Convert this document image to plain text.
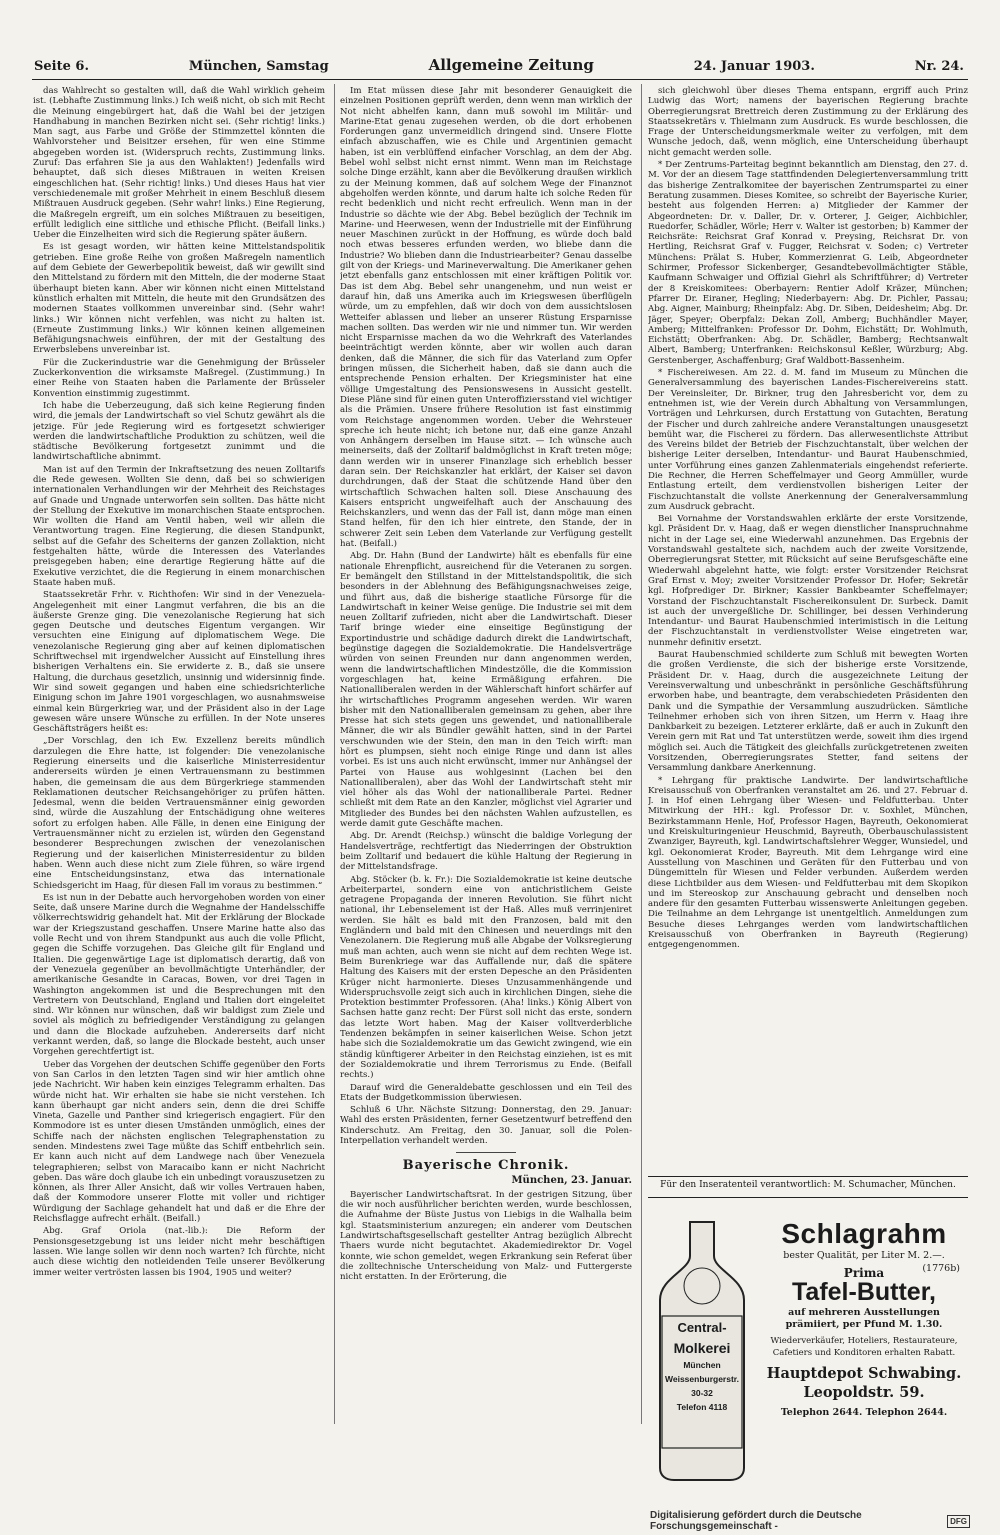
Seite 6.	München, Samstag	Allgemeine Zeitung	24. Januar 1903.	Nr. 24.

das Wahlrecht so gestalten will, daß die Wahl wirklich geheim ist. (Lebhafte Zustimmung links.) Ich weiß nicht, ob sich mit Recht die Meinung eingebürgert hat, daß die Wahl bei der jetzigen Handhabung in manchen Bezirken nicht sei. (Sehr richtig! links.) Man sagt, aus Farbe und Größe der Stimmzettel könnten die Wahlvorsteher und Beisitzer ersehen, für wen eine Stimme abgegeben worden ist. (Widerspruch rechts, Zustimmung links. Zuruf: Das erfahren Sie ja aus den Wahlakten!) Jedenfalls wird behauptet, daß sich dieses Mißtrauen in weiten Kreisen eingeschlichen hat. (Sehr richtig! links.) Und dieses Haus hat vier verschiedenemale mit großer Mehrheit in einem Beschluß diesem Mißtrauen Ausdruck gegeben. (Sehr wahr! links.) Eine Regierung, die Maßregeln ergreift, um ein solches Mißtrauen zu beseitigen, erfüllt lediglich eine sittliche und ethische Pflicht. (Beifall links.) Ueber die Einzelheiten wird sich die Regierung später äußern.

Es ist gesagt worden, wir hätten keine Mittelstandspolitik getrieben. Eine große Reihe von großen Maßregeln namentlich auf dem Gebiete der Gewerbepolitik beweist, daß wir gewillt sind den Mittelstand zu fördern mit den Mitteln, die der moderne Staat überhaupt bieten kann. Aber wir können nicht einen Mittelstand künstlich erhalten mit Mitteln, die heute mit den Grundsätzen des modernen Staates vollkommen unvereinbar sind. (Sehr wahr! links.) Wir können nicht verfehlen, was nicht zu halten ist. (Erneute Zustimmung links.) Wir können keinen allgemeinen Befähigungsnachweis einführen, der mit der Gestaltung des Erwerbslebens unvereinbar ist.

Für die Zuckerindustrie war die Genehmigung der Brüsseler Zuckerkonvention die wirksamste Maßregel. (Zustimmung.) In einer Reihe von Staaten haben die Parlamente der Brüsseler Konvention einstimmig zugestimmt.

Ich habe die Ueberzeugung, daß sich keine Regierung finden wird, die jemals der Landwirtschaft so viel Schutz gewährt als die jetzige. Für jede Regierung wird es fortgesetzt schwieriger werden die landwirtschaftliche Produktion zu schützen, weil die städtische Bevölkerung fortgesetzt zunimmt und die landwirtschaftliche abnimmt.

Man ist auf den Termin der Inkraftsetzung des neuen Zolltarifs die Rede gewesen. Wollten Sie denn, daß bei so schwierigen internationalen Verhandlungen wir der Mehrheit des Reichstages auf Gnade und Ungnade unterworfen sein sollten. Das hätte nicht der Stellung der Exekutive im monarchischen Staate entsprochen. Wir wollten die Hand am Ventil haben, weil wir allein die Verantwortung tragen. Eine Regierung, die diesen Standpunkt, selbst auf die Gefahr des Scheiterns der ganzen Zollaktion, nicht festgehalten hätte, würde die Interessen des Vaterlandes preisgegeben haben; eine derartige Regierung hätte auf die Exekutive verzichtet, die die Regierung in einem monarchischen Staate haben muß.

Staatssekretär Frhr. v. Richthofen: Wir sind in der Venezuela-Angelegenheit mit einer Langmut verfahren, die bis an die äußerste Grenze ging. Die venezolanische Regierung hat sich gegen Deutsche und deutsches Eigentum vergangen. Wir versuchten eine Einigung auf diplomatischem Wege. Die venezolanische Regierung ging aber auf keinen diplomatischen Schriftwechsel mit irgendwelcher Aussicht auf Einstellung ihres bisherigen Verhaltens ein. Sie erwiderte z. B., daß sie unsere Haltung, die durchaus gesetzlich, unsinnig und widersinnig finde. Wir sind soweit gegangen und haben eine schiedsrichterliche Einigung schon im Jahre 1901 vorgeschlagen, wo ausnahmsweise einmal kein Bürgerkrieg war, und der Präsident also in der Lage gewesen wäre unsere Wünsche zu erfüllen. In der Note unseres Geschäftsträgers heißt es:

„Der Vorschlag, den ich Ew. Exzellenz bereits mündlich darzulegen die Ehre hatte, ist folgender: Die venezolanische Regierung einerseits und die kaiserliche Ministerresidentur andererseits würden je einen Vertrauensmann zu bestimmen haben, die gemeinsam die aus dem Bürgerkriege stammenden Reklamationen deutscher Reichsangehöriger zu prüfen hätten. Jedesmal, wenn die beiden Vertrauensmänner einig geworden sind, würde die Auszahlung der Entschädigung ohne weiteres sofort zu erfolgen haben. Alle Fälle, in denen eine Einigung der Vertrauensmänner nicht zu erzielen ist, würden den Gegenstand besonderer Besprechungen zwischen der venezolanischen Regierung und der kaiserlichen Ministerresidentur zu bilden haben. Wenn auch diese nicht zum Ziele führen, so wäre irgend eine Entscheidungsinstanz, etwa das internationale Schiedsgericht im Haag, für diesen Fall im voraus zu bestimmen.“

Es ist nun in der Debatte auch hervorgehoben worden von einer Seite, daß unsere Marine durch die Wegnahme der Handelsschiffe völkerrechtswidrig gehandelt hat. Mit der Erklärung der Blockade war der Kriegszustand geschaffen. Unsere Marine hatte also das volle Recht und von ihrem Standpunkt aus auch die volle Pflicht, gegen die Schiffe vorzugehen. Das Gleiche gilt für England und Italien. Die gegenwärtige Lage ist diplomatisch derartig, daß von der Venezuela gegenüber an bevollmächtigte Unterhändler, der amerikanische Gesandte in Caracas, Bowen, vor drei Tagen in Washington angekommen ist und die Besprechungen mit den Vertretern von Deutschland, England und Italien dort eingeleitet sind. Wir können nur wünschen, daß wir baldigst zum Ziele und soviel als möglich zu befriedigender Verständigung zu gelangen und dann die Blockade aufzuheben. Andererseits darf nicht verkannt werden, daß, so lange die Blockade besteht, auch unser Vorgehen gerechtfertigt ist.

Ueber das Vorgehen der deutschen Schiffe gegenüber den Forts von San Carlos in den letzten Tagen sind wir hier amtlich ohne jede Nachricht. Wir haben kein einziges Telegramm erhalten. Das würde nicht hat. Wir erhalten sie habe sie nicht verstehen. Ich kann überhaupt gar nicht anders sein, denn die drei Schiffe Vineta, Gazelle und Panther sind kriegerisch engagiert. Für den Kommodore ist es unter diesen Umständen unmöglich, eines der Schiffe nach der nächsten englischen Telegraphenstation zu senden. Mindestens zwei Tage müßte das Schiff entbehrlich sein. Er kann auch nicht auf dem Landwege nach über Venezuela telegraphieren; selbst von Maracaibo kann er nicht Nachricht geben. Das wäre doch glaube ich ein unbedingt vorauszusetzen zu können, als Ihrer Aller Ansicht, daß wir volles Vertrauen haben, daß der Kommodore unserer Flotte mit voller und richtiger Würdigung der Sachlage gehandelt hat und daß er die Ehre der Reichsflagge aufrecht erhält. (Beifall.)

Abg. Graf Oriola (nat.-lib.): Die Reform der Pensionsgesetzgebung ist uns leider nicht mehr beschäftigen lassen. Wie lange sollen wir denn noch warten? Ich fürchte, nicht auch diese wichtig den notleidenden Teile unserer Bevölkerung immer weiter vertrösten lassen bis 1904, 1905 und weiter?

Im Etat müssen diese Jahr mit besonderer Genauigkeit die einzelnen Positionen geprüft werden, denn wenn man wirklich der Not nicht abhelfen kann, dann muß sowohl im Militär- und Marine-Etat genau zugesehen werden, ob die dort erhobenen Forderungen ganz unvermeidlich dringend sind. Unsere Flotte einfach abzuschaffen, wie es Chile und Argentinien gemacht haben, ist ein verblüffend einfacher Vorschlag, an dem der Abg. Bebel wohl selbst nicht ernst nimmt. Wenn man im Reichstage solche Dinge erzählt, kann aber die Bevölkerung draußen wirklich zu der Meinung kommen, daß auf solchem Wege der Finanznot abgeholfen werden könnte, und darum halte ich solche Reden für recht bedenklich und nicht recht erfreulich. Wenn man in der Industrie so dächte wie der Abg. Bebel bezüglich der Technik im Marine- und Heerwesen, wenn der Industrielle mit der Einführung neuer Maschinen zurückt in der Hoffnung, es würde doch bald noch etwas besseres erfunden werden, wo bliebe dann die Industrie? Wo blieben dann die Industriearbeiter? Genau dasselbe gilt von der Kriegs- und Marineverwaltung. Die Amerikaner gehen jetzt ebenfalls ganz entschlossen mit einer kräftigen Politik vor. Das ist dem Abg. Bebel sehr unangenehm, und nun weist er darauf hin, daß uns Amerika auch im Kriegswesen überflügeln würde, um zu empfehlen, daß wir doch von dem aussichtslosen Wetteifer ablassen und lieber an unserer Rüstung Ersparnisse machen sollten. Das werden wir nie und nimmer tun. Wir werden nicht Ersparnisse machen da wo die Wehrkraft des Vaterlandes beeinträchtigt werden könnte, aber wir wollen auch daran denken, daß die Männer, die sich für das Vaterland zum Opfer bringen müssen, die Sicherheit haben, daß sie dann auch die entsprechende Pension erhalten. Der Kriegsminister hat eine völlige Umgestaltung des Pensionswesens in Aussicht gestellt. Diese Pläne sind für einen guten Unteroffiziersstand viel wichtiger als die Prämien. Unsere frühere Resolution ist fast einstimmig vom Reichstage angenommen worden. Ueber die Wehrsteuer spreche ich heute nicht; ich betone nur, daß eine ganze Anzahl von Anhängern derselben im Hause sitzt. — Ich wünsche auch meinerseits, daß der Zolltarif baldmöglichst in Kraft treten möge; dann werden wir in unserer Finanzlage sich erheblich besser daran sein. Der Reichskanzler hat erklärt, der Kaiser sei davon durchdrungen, daß der Staat die schützende Hand über den wirtschaftlich Schwachen halten soll. Diese Anschauung des Kaisers entspricht ungweifelhaft auch der Anschauung des Reichskanzlers, und wenn das der Fall ist, dann möge man einen Stand helfen, für den ich hier eintrete, den Stande, der in schwerer Zeit sein Leben dem Vaterlande zur Verfügung gestellt hat. (Beifall.)

Abg. Dr. Hahn (Bund der Landwirte) hält es ebenfalls für eine nationale Ehrenpflicht, ausreichend für die Veteranen zu sorgen. Er bemängelt den Stillstand in der Mittelstandspolitik, die sich besonders in der Ablehnung des Befähigungsnachweises zeige, und führt aus, daß die bisherige staatliche Fürsorge für die Landwirtschaft in keiner Weise genüge. Die Industrie sei mit dem neuen Zolltarif zufrieden, nicht aber die Landwirtschaft. Dieser Tarif bringe wieder eine einseitige Begünstigung der Exportindustrie und schädige dadurch direkt die Landwirtschaft, begünstige dagegen die Sozialdemokratie. Die Handelsverträge würden von seinen Freunden nur dann angenommen werden, wenn die landwirtschaftlichen Mindestzölle, die die Kommission vorgeschlagen hat, keine Ermäßigung erfahren. Die Nationalliberalen werden in der Wählerschaft hinfort schärfer auf ihr wirtschaftliches Programm angesehen werden. Wir waren bisher mit den Nationalliberalen gemeinsam zu gehen, aber ihre Presse hat sich stets gegen uns gewendet, und nationalliberale Männer, die wir als Bündler gewählt hatten, sind in der Partei verschwunden wie der Stein, den man in den Teich wirft: man hört es plumpsen, sieht noch einige Ringe und dann ist alles vorbei. Es ist uns auch nicht erwünscht, immer nur Anhängsel der Partei von Hause aus wohlgesinnt (Lachen bei den Nationalliberalen), aber das Wohl der Landwirtschaft steht mir viel höher als das Wohl der nationalliberale Partei. Redner schließt mit dem Rate an den Kanzler, möglichst viel Agrarier und Mitglieder des Bundes bei den nächsten Wahlen aufzustellen, es werde damit gute Geschäfte machen.

Abg. Dr. Arendt (Reichsp.) wünscht die baldige Vorlegung der Handelsverträge, rechtfertigt das Niederringen der Obstruktion beim Zolltarif und bedauert die kühle Haltung der Regierung in der Mittelstandsfrage.

Abg. Stöcker (b. k. Fr.): Die Sozialdemokratie ist keine deutsche Arbeiterpartei, sondern eine von antichristlichem Geiste getragene Propaganda der inneren Revolution. Sie führt nicht national, ihr Lebenselement ist der Haß. Alles muß verrinjeniret werden. Sie hält es bald mit den Franzosen, bald mit den Engländern und bald mit den Chinesen und neuerdings mit den Venezolanern. Die Regierung muß alle Abgabe der Volksregierung muß man achten, auch wenn sie nicht auf dem rechten Wege ist. Beim Burenkriege war das Auffallende nur, daß die spätere Haltung des Kaisers mit der ersten Depesche an den Präsidenten Krüger nicht harmonierte. Dieses Unzusammenhängende und Widerspruchsvolle zeigt sich auch in kirchlichen Dingen, siehe die Protektion bestimmter Professoren. (Aha! links.) König Albert von Sachsen hatte ganz recht: Der Fürst soll nicht das erste, sondern das letzte Wort haben. Mag der Kaiser volltverderbliche Tendenzen bekämpfen in seiner kaiserlichen Weise. Schon jetzt habe sich die Sozialdemokratie um das Gewicht zwingend, wie ein ständig künftigerer Arbeiter in den Reichstag einziehen, ist es mit der Sozialdemokratie und ihrem Terrorismus zu Ende. (Beifall rechts.)

Darauf wird die Generaldebatte geschlossen und ein Teil des Etats der Budgetkommission überwiesen.

Schluß 6 Uhr. Nächste Sitzung: Donnerstag, den 29. Januar: Wahl des ersten Präsidenten, ferner Gesetzentwurf betreffend den Kinderschutz. Am Freitag, den 30. Januar, soll die Polen-Interpellation verhandelt werden.

Bayerische Chronik.

München, 23. Januar.

Bayerischer Landwirtschaftsrat. In der gestrigen Sitzung, über die wir noch ausführlicher berichten werden, wurde beschlossen, die Aufnahme der Büste Justus von Liebigs in die Walhalla beim kgl. Staatsministerium anzuregen; ein anderer vom Deutschen Landwirtschaftsgesellschaft gestellter Antrag bezüglich Albrecht Thaers wurde nicht begutachtet. Akademiedirektor Dr. Vogel konnte, wie schon gemeldet, wegen Erkrankung sein Referat über die zolltechnische Unterscheidung von Malz- und Futtergerste nicht erstatten. In der Erörterung, die

sich gleichwohl über dieses Thema entspann, ergriff auch Prinz Ludwig das Wort; namens der bayerischen Regierung brachte Oberregierungsrat Brettreich deren Zustimmung zu der Erklärung des Staatssekretärs v. Thielmann zum Ausdruck. Es wurde beschlossen, die Frage der Unterscheidungsmerkmale weiter zu verfolgen, mit dem Wunsche jedoch, daß, wenn möglich, eine Unterscheidung überhaupt nicht gemacht werden solle.

* Der Zentrums-Parteitag beginnt bekanntlich am Dienstag, den 27. d. M. Vor der an diesem Tage stattfindenden Delegiertenversammlung tritt das bisherige Zentralkomitee der bayerischen Zentrumspartei zu einer Beratung zusammen. Dieses Komitee, so schreibt der Bayerische Kurier, besteht aus folgenden Herren: a) Mitglieder der Kammer der Abgeordneten: Dr. v. Daller, Dr. v. Orterer, J. Geiger, Aichbichler, Ruedorfer, Schädler, Wörle; Herr v. Walter ist gestorben; b) Kammer der Reichsräte: Reichsrat Graf Konrad v. Preysing, Reichsrat Dr. von Hertling, Reichsrat Graf v. Fugger, Reichsrat v. Soden; c) Vertreter Münchens: Prälat S. Huber, Kommerzienrat G. Leib, Abgeordneter Schirmer, Professor Sickenberger, Gesandtebevollmächtigter Stäble, Kaufmann Schwaiger und Offizial Giehrl als Schriftführer; d) Vertreter der 8 Kreiskomitees: Oberbayern: Rentier Adolf Kräzer, München; Pfarrer Dr. Eiraner, Hegling; Niederbayern: Abg. Dr. Pichler, Passau; Abg. Aigner, Mainburg; Rheinpfalz: Abg. Dr. Siben, Deidesheim; Abg. Dr. Jäger, Speyer; Oberpfalz: Dekan Zoll, Amberg; Buchhändler Mayer, Amberg; Mittelfranken: Professor Dr. Dohm, Eichstätt; Dr. Wohlmuth, Eichstätt; Oberfranken: Abg. Dr. Schädler, Bamberg; Rechtsanwalt Albert, Bamberg; Unterfranken: Reichskonsul Keßler, Würzburg; Abg. Gerstenberger, Aschaffenburg; Graf Waldbott-Bassenheim.

* Fischereiwesen. Am 22. d. M. fand im Museum zu München die Generalversammlung des bayerischen Landes-Fischereivereins statt. Der Vereinsleiter, Dr. Birkner, trug den Jahresbericht vor, dem zu entnehmen ist, wie der Verein durch Abhaltung von Versammlungen, Vorträgen und Lehrkursen, durch Erstattung von Gutachten, Beratung der Fischer und durch zahlreiche andere Veranstaltungen unausgesetzt bemüht war, die Fischerei zu fördern. Das allerwesentlichste Attribut des Vereins bildet der Betrieb der Fischzuchtanstalt, über welchen der bisherige Leiter derselben, Intendantur- und Baurat Haubenschmied, unter Vorführung eines ganzen Zahlenmaterials eingehendst referierte. Die Rechner, die Herren Scheffelmayer und Georg Ammüller, wurde Entlastung erteilt, dem verdienstvollen bisherigen Leiter der Fischzuchtanstalt die vollste Anerkennung der Generalversammlung zum Ausdruck gebracht.

Bei Vornahme der Vorstandswahlen erklärte der erste Vorsitzende, kgl. Präsident Dr. v. Haag, daß er wegen dienstlicher Inanspruchnahme nicht in der Lage sei, eine Wiederwahl anzunehmen. Das Ergebnis der Vorstandswahl gestaltete sich, nachdem auch der zweite Vorsitzende, Oberregierungsrat Stetter, mit Rücksicht auf seine Berufsgeschäfte eine Wiederwahl abgelehnt hatte, wie folgt: erster Vorsitzender Reichsrat Graf Ernst v. Moy; zweiter Vorsitzender Professor Dr. Hofer; Sekretär kgl. Hofprediger Dr. Birkner; Kassier Bankbeamter Scheffelmayer; Vorstand der Fischzuchtanstalt Fischereikonsulent Dr. Surbeck. Damit ist auch der unvergeßliche Dr. Schillinger, bei dessen Verhinderung Intendantur- und Baurat Haubenschmied interimistisch in die Leitung der Fischzuchtanstalt in verdienstvollster Weise eingetreten war, nunmehr definitiv ersetzt.

Baurat Haubenschmied schilderte zum Schluß mit bewegten Worten die großen Verdienste, die sich der bisherige erste Vorsitzende, Präsident Dr. v. Haag, durch die ausgezeichnete Leitung der Vereinsverwaltung und unbeschränkt in persönliche Geschäftsführung erworben habe, und beantragte, dem verabschiedeten Präsidenten den Dank und die Sympathie der Versammlung auszudrücken. Sämtliche Teilnehmer erhoben sich von ihren Sitzen, um Herrn v. Haag ihre Dankbarkeit zu bezeigen. Letzterer erklärte, daß er auch in Zukunft den Verein gern mit Rat und Tat unterstützen werde, soweit ihm dies irgend möglich sei. Auch die Tätigkeit des gleichfalls zurückgetretenen zweiten Vorsitzenden, Oberregierungsrates Stetter, fand seitens der Versammlung dankbare Anerkennung.

* Lehrgang für praktische Landwirte. Der landwirtschaftliche Kreisausschuß von Oberfranken veranstaltet am 26. und 27. Februar d. J. in Hof einen Lehrgang über Wiesen- und Feldfutterbau. Unter Mitwirkung der HH.: kgl. Professor Dr. v. Soxhlet, München, Bezirkstammann Henle, Hof, Professor Hagen, Bayreuth, Oekonomierat und Kreiskulturingenieur Heuschmid, Bayreuth, Oberbauschulassistent Zwanziger, Bayreuth, kgl. Landwirtschaftslehrer Wegger, Wunsiedel, und kgl. Oekonomierat Kroder, Bayreuth. Mit dem Lehrgange wird eine Ausstellung von Maschinen und Geräten für den Futterbau und von Düngemitteln für Wiesen und Felder verbunden. Außerdem werden diese Lichtbilder aus dem Wiesen- und Feldfutterbau mit dem Skopikon und im Stereoskop zur Anschauung gebracht und denselben noch andere für den gesamten Futterbau wissenswerte Anleitungen gegeben. Die Teilnahme an dem Lehrgange ist unentgeltlich. Anmeldungen zum Besuche dieses Lehrganges werden vom landwirtschaftlichen Kreisausschuß von Oberfranken in Bayreuth (Regierung) entgegengenommen.

Für den Inseratenteil verantwortlich: M. Schumacher, München.
Central-
Molkerei
München
Weissenburgerstr.
30-32
Telefon 4118
Schlagrahm
bester Qualität, per Liter M. 2.—.
Prima	(1776b)
Tafel-Butter,
auf mehreren Ausstellungen prämiiert, per Pfund M. 1.30.
Wiederverkäufer, Hoteliers, Restaurateure, Cafetiers und Konditoren erhalten Rabatt.
Hauptdepot Schwabing.
Leopoldstr. 59.
Telephon 2644. Telephon 2644.
Digitalisierung gefördert durch die Deutsche Forschungsgemeinschaft -	DFG
